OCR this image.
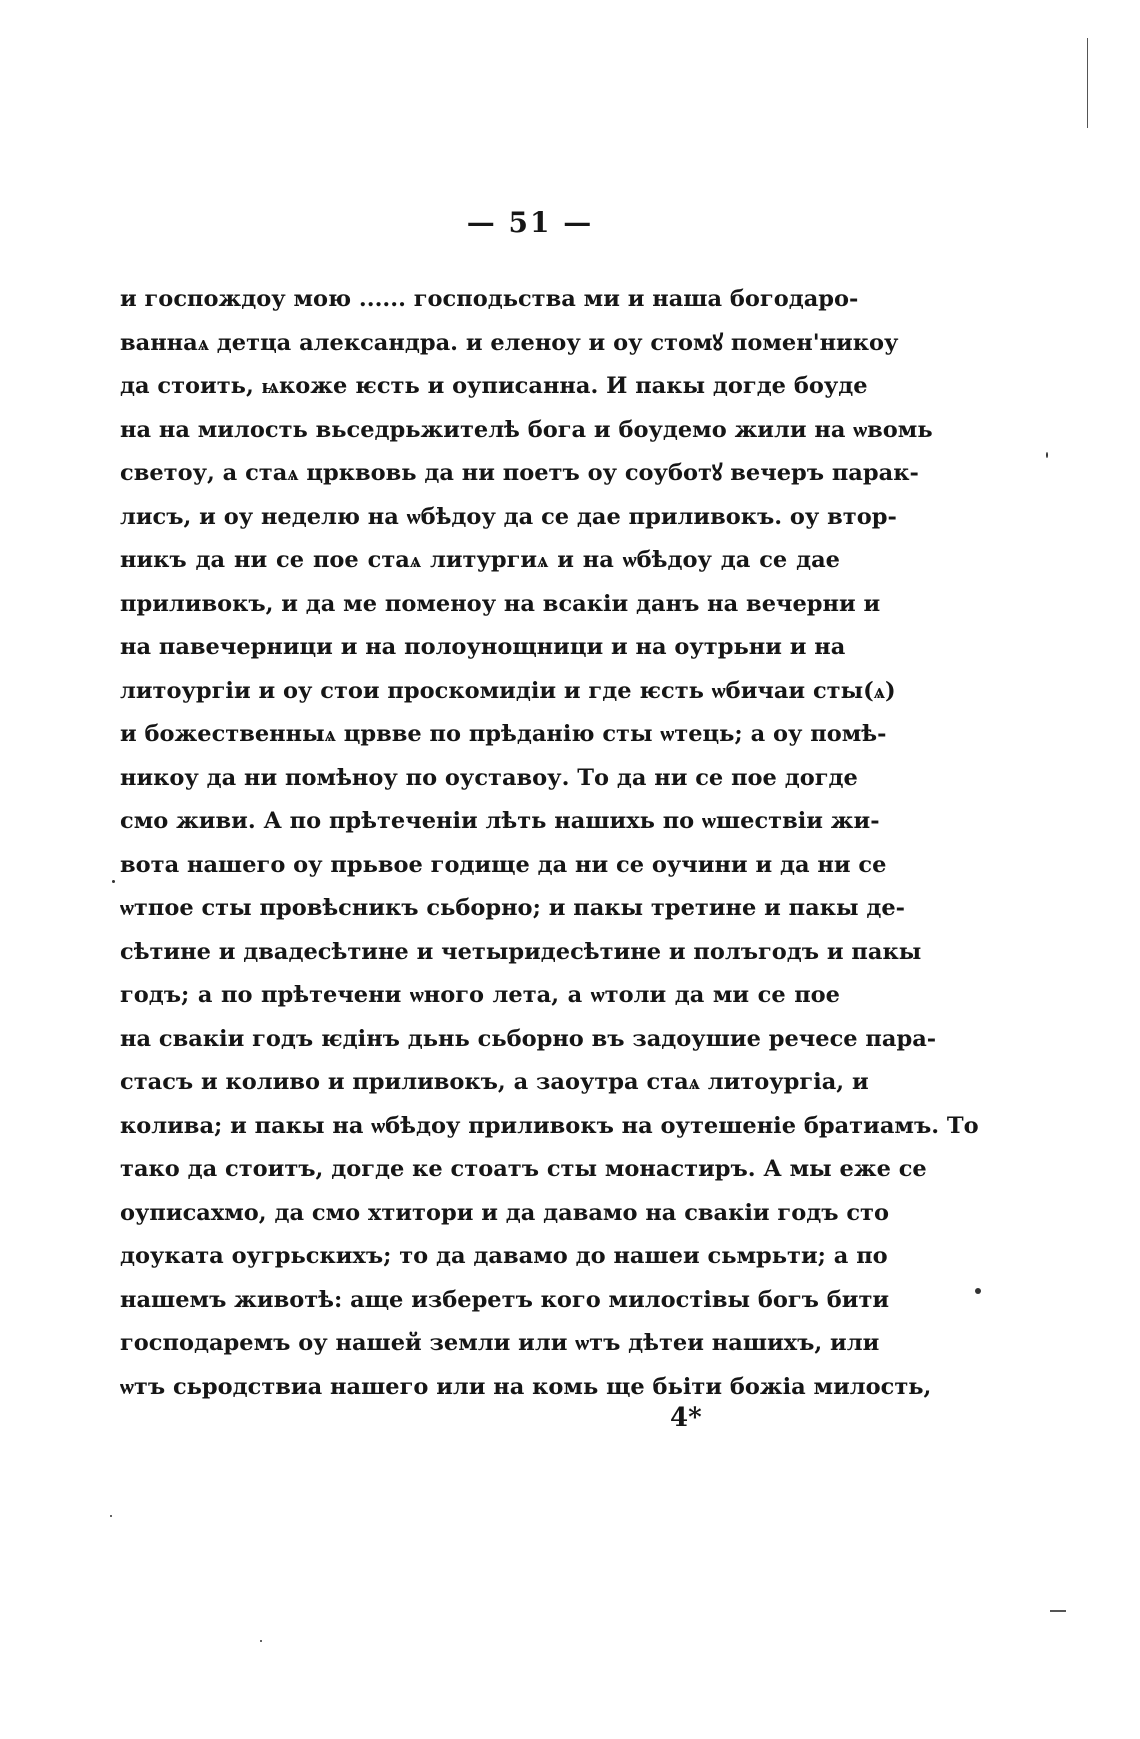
— 51 —
и госпождоу мою ...... господьства ми и наша богодаро-
ваннаѧ детца александра. и еленоу и оу стомꙋ помен'никоу
да стоить, ѩкоже ѥсть и оуписанна. И пакы догде боуде
на на милость вьседрьжителѣ бога и боудемо жили на ѡвомь
светоу, а стаѧ црквовь да ни поетъ оу соуботꙋ вечеръ парак-
лисъ, и оу неделю на ѡбѣдоу да се дае приливокъ. оу втор-
никъ да ни се пое стаѧ литургиѧ и на ѡбѣдоу да се дае
приливокъ, и да ме поменоу на всакіи данъ на вечерни и
на павечерници и на полоунощници и на оутрьни и на
литоургіи и оу стои проскомидіи и где ѥсть ѡбичаи сты(ѧ)
и божественныѧ црвве по прѣданію сты ѡтець; а оу помѣ-
никоу да ни помѣноу по оуставоу. То да ни се пое догде
смо живи. А по прѣтеченіи лѣть нашихь по ѡшествіи жи-
вота нашего оу прьвое годище да ни се оучини и да ни се
ѡтпое сты провѣсникъ сьборно; и пакы третине и пакы де-
сѣтине и двадесѣтине и четыридесѣтине и полъгодъ и пакы
годъ; а по прѣтечени ѡного лета, а ѡтоли да ми се пое
на свакіи годъ ѥдінъ дьнь сьборно въ задоушие речесе пара-
стасъ и коливо и приливокъ, а заоутра стаѧ литоургіа, и
колива; и пакы на ѡбѣдоу приливокъ на оутешеніе братиамъ. То
тако да стоитъ, догде ке стоатъ сты монастиръ. А мы еже се
оуписахмо, да смо хтитори и да давамо на свакіи годъ сто
доуката оугрьскихъ; то да давамо до нашеи сьмрьти; а по
нашемъ животѣ: аще изберетъ кого милостівы богъ бити
господаремъ оу нашей земли или ѡтъ дѣтеи нашихъ, или
ѡтъ сьродствиа нашего или на комь ще бьіти божіа милость,
4*
